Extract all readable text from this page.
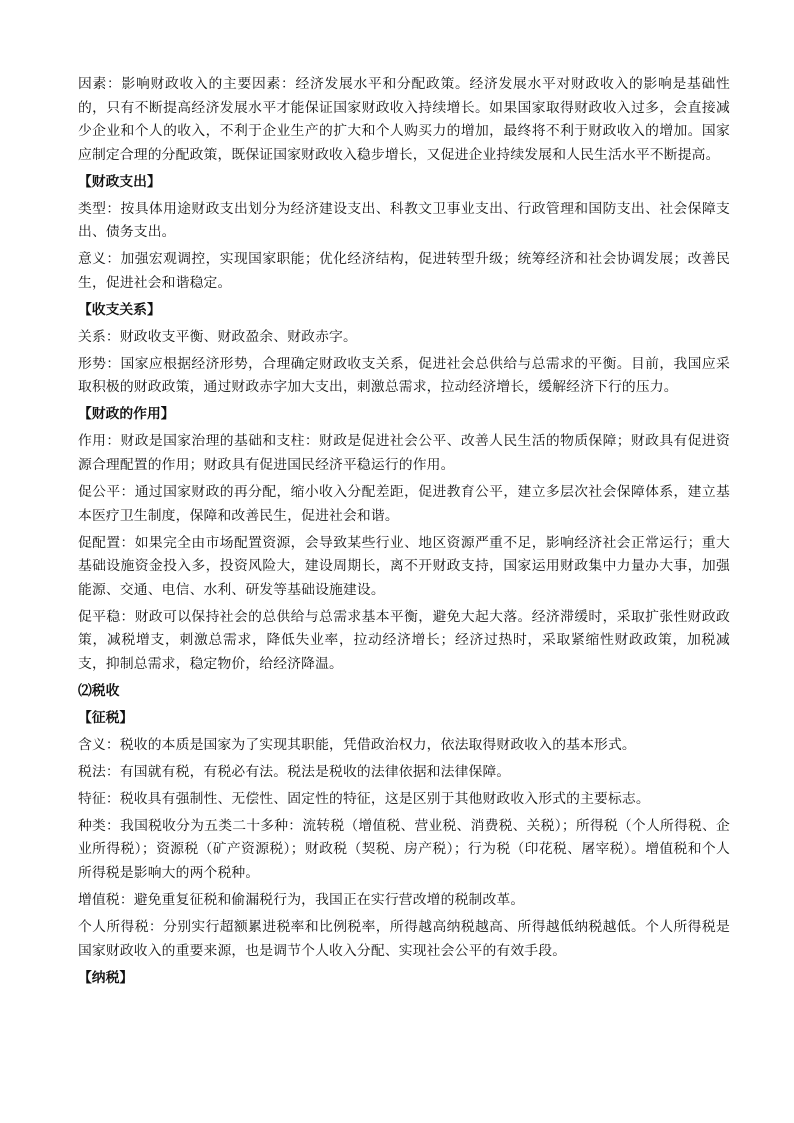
因素：影响财政收入的主要因素：经济发展水平和分配政策。经济发展水平对财政收入的影响是基础性的，只有不断提高经济发展水平才能保证国家财政收入持续增长。如果国家取得财政收入过多，会直接减少企业和个人的收入，不利于企业生产的扩大和个人购买力的增加，最终将不利于财政收入的增加。国家应制定合理的分配政策，既保证国家财政收入稳步增长，又促进企业持续发展和人民生活水平不断提高。

【财政支出】

类型：按具体用途财政支出划分为经济建设支出、科教文卫事业支出、行政管理和国防支出、社会保障支出、债务支出。

意义：加强宏观调控，实现国家职能；优化经济结构，促进转型升级；统筹经济和社会协调发展；改善民生，促进社会和谐稳定。

【收支关系】

关系：财政收支平衡、财政盈余、财政赤字。

形势：国家应根据经济形势，合理确定财政收支关系，促进社会总供给与总需求的平衡。目前，我国应采取积极的财政政策，通过财政赤字加大支出，刺激总需求，拉动经济增长，缓解经济下行的压力。

【财政的作用】

作用：财政是国家治理的基础和支柱：财政是促进社会公平、改善人民生活的物质保障；财政具有促进资源合理配置的作用；财政具有促进国民经济平稳运行的作用。

促公平：通过国家财政的再分配，缩小收入分配差距，促进教育公平，建立多层次社会保障体系，建立基本医疗卫生制度，保障和改善民生，促进社会和谐。

促配置：如果完全由市场配置资源，会导致某些行业、地区资源严重不足，影响经济社会正常运行；重大基础设施资金投入多，投资风险大，建设周期长，离不开财政支持，国家运用财政集中力量办大事，加强能源、交通、电信、水利、研发等基础设施建设。

促平稳：财政可以保持社会的总供给与总需求基本平衡，避免大起大落。经济滞缓时，采取扩张性财政政策，减税增支，刺激总需求，降低失业率，拉动经济增长；经济过热时，采取紧缩性财政政策，加税减支，抑制总需求，稳定物价，给经济降温。

⑵税收

【征税】

含义：税收的本质是国家为了实现其职能，凭借政治权力，依法取得财政收入的基本形式。

税法：有国就有税，有税必有法。税法是税收的法律依据和法律保障。

特征：税收具有强制性、无偿性、固定性的特征，这是区别于其他财政收入形式的主要标志。

种类：我国税收分为五类二十多种：流转税（增值税、营业税、消费税、关税）；所得税（个人所得税、企业所得税）；资源税（矿产资源税）；财政税（契税、房产税）；行为税（印花税、屠宰税）。增值税和个人所得税是影响大的两个税种。

增值税：避免重复征税和偷漏税行为，我国正在实行营改增的税制改革。

个人所得税：分别实行超额累进税率和比例税率，所得越高纳税越高、所得越低纳税越低。个人所得税是国家财政收入的重要来源，也是调节个人收入分配、实现社会公平的有效手段。

【纳税】
